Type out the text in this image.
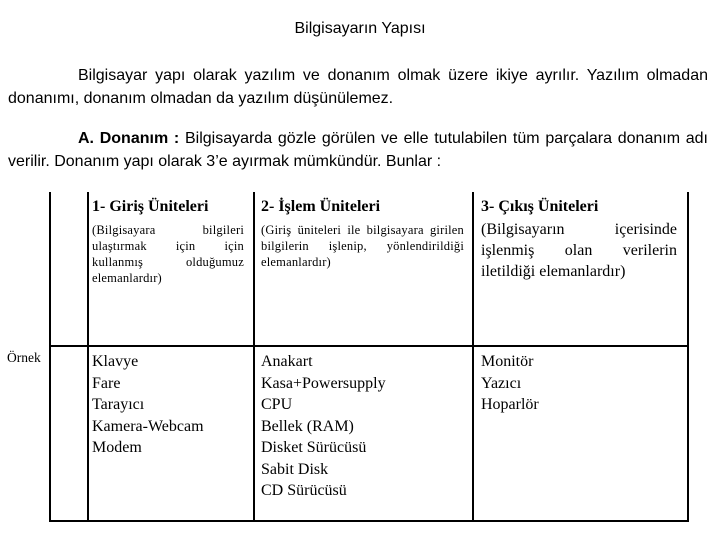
Bilgisayarın Yapısı
Bilgisayar yapı olarak yazılım ve donanım olmak üzere ikiye ayrılır. Yazılım olmadan donanımı, donanım olmadan da yazılım düşünülemez.
A. Donanım : Bilgisayarda gözle görülen ve elle tutulabilen tüm parçalara donanım adı verilir. Donanım yapı olarak 3’e ayırmak mümkündür. Bunlar :
Örnek
1- Giriş Üniteleri
(Bilgisayara bilgileri ulaştırmak için için kullanmış olduğumuz elemanlardır)
Klavye
Fare
Tarayıcı
Kamera-Webcam
Modem
2- İşlem Üniteleri
(Giriş üniteleri ile bilgisayara girilen bilgilerin işlenip, yönlendirildiği elemanlardır)
Anakart
Kasa+Powersupply
CPU
Bellek (RAM)
Disket Sürücüsü
Sabit Disk
CD Sürücüsü
3- Çıkış Üniteleri
(Bilgisayarın içerisinde işlenmiş olan verilerin iletildiği elemanlardır)
Monitör
Yazıcı
Hoparlör
